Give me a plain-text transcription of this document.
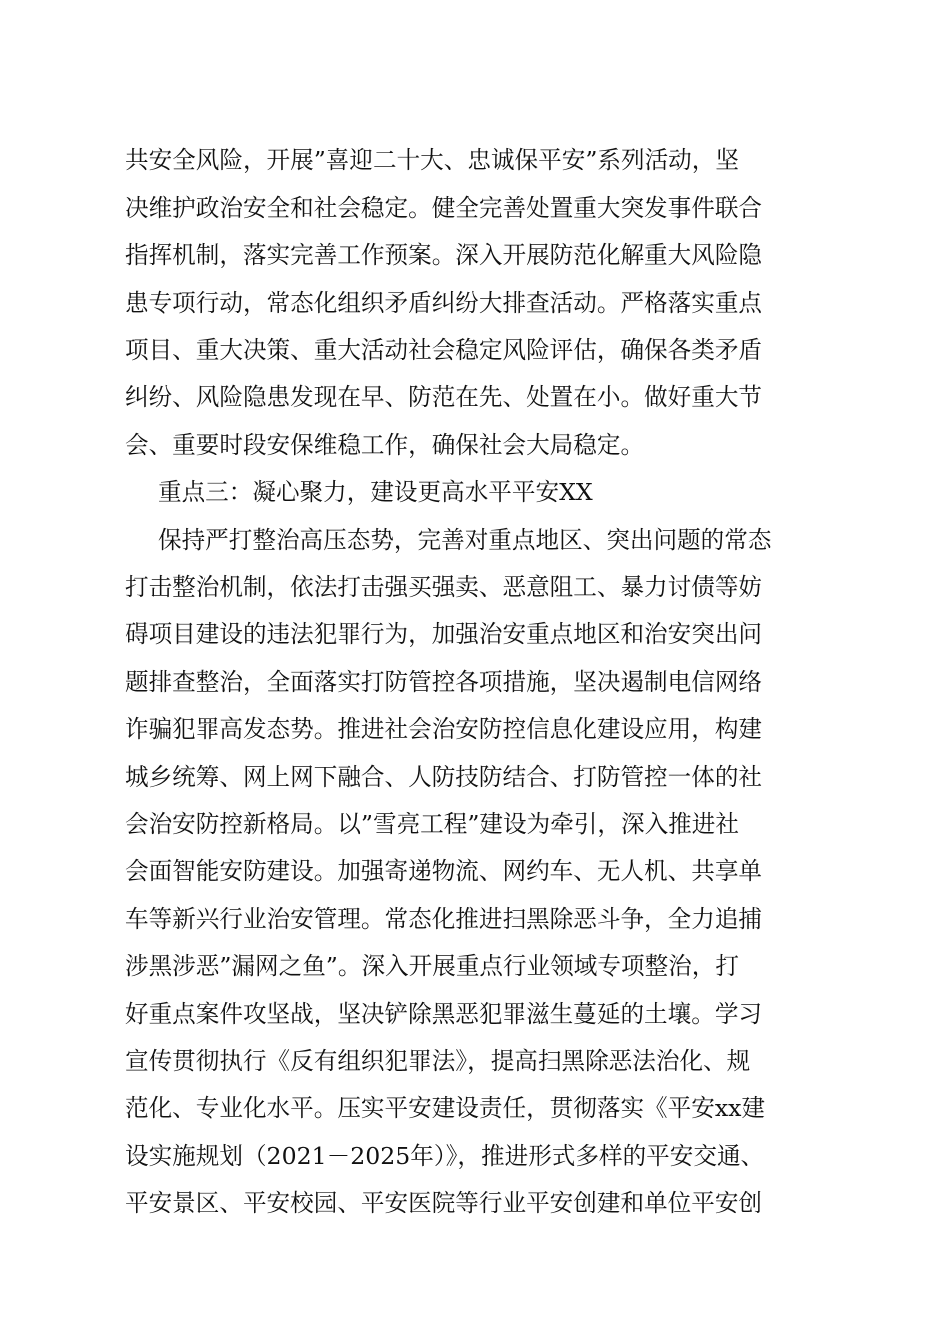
共安全风险，开展”喜迎二十大、忠诚保平安”系列活动，坚
决维护政治安全和社会稳定。健全完善处置重大突发事件联合
指挥机制，落实完善工作预案。深入开展防范化解重大风险隐
患专项行动，常态化组织矛盾纠纷大排查活动。严格落实重点
项目、重大决策、重大活动社会稳定风险评估，确保各类矛盾
纠纷、风险隐患发现在早、防范在先、处置在小。做好重大节
会、重要时段安保维稳工作，确保社会大局稳定。
重点三：凝心聚力，建设更高水平平安XX
保持严打整治高压态势，完善对重点地区、突出问题的常态
打击整治机制，依法打击强买强卖、恶意阻工、暴力讨债等妨
碍项目建设的违法犯罪行为，加强治安重点地区和治安突出问
题排查整治，全面落实打防管控各项措施，坚决遏制电信网络
诈骗犯罪高发态势。推进社会治安防控信息化建设应用，构建
城乡统筹、网上网下融合、人防技防结合、打防管控一体的社
会治安防控新格局。以”雪亮工程”建设为牵引，深入推进社
会面智能安防建设。加强寄递物流、网约车、无人机、共享单
车等新兴行业治安管理。常态化推进扫黑除恶斗争，全力追捕
涉黑涉恶”漏网之鱼”。深入开展重点行业领域专项整治，打
好重点案件攻坚战，坚决铲除黑恶犯罪滋生蔓延的土壤。学习
宣传贯彻执行《反有组织犯罪法》，提高扫黑除恶法治化、规
范化、专业化水平。压实平安建设责任，贯彻落实《平安xx建
设实施规划（2021－2025年）》，推进形式多样的平安交通、
平安景区、平安校园、平安医院等行业平安创建和单位平安创
